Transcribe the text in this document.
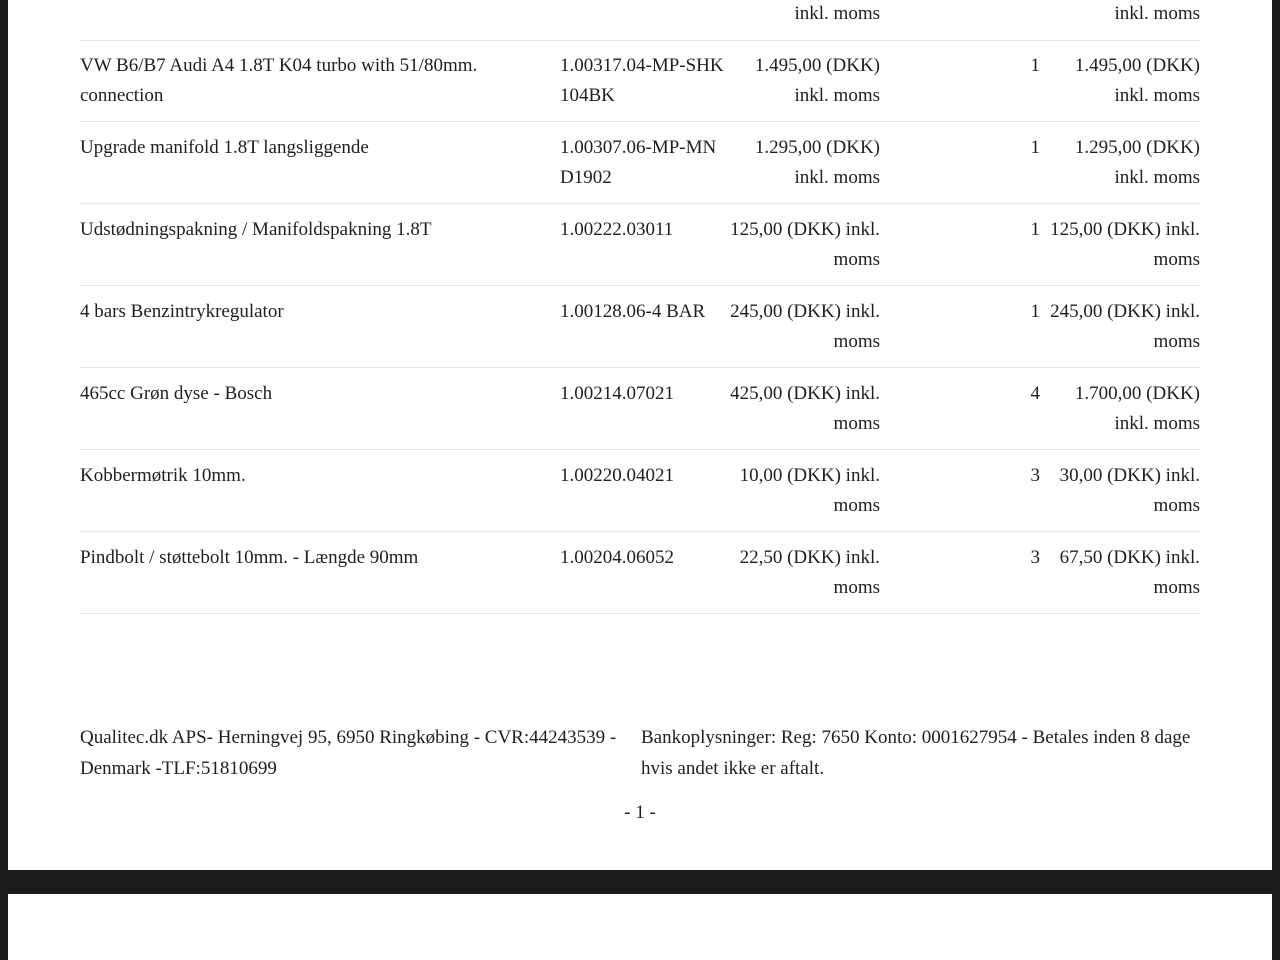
inkl. moms	inkl. moms
VW B6/B7 Audi A4 1.8T K04 turbo with 51/80mm. connection	1.00317.04-MP-SHK104BK	1.495,00 (DKK) inkl. moms	1	1.495,00 (DKK) inkl. moms
Upgrade manifold 1.8T langsliggende	1.00307.06-MP-MND1902	1.295,00 (DKK) inkl. moms	1	1.295,00 (DKK) inkl. moms
Udstødningspakning / Manifoldspakning 1.8T	1.00222.03011	125,00 (DKK) inkl. moms	1	125,00 (DKK) inkl. moms
4 bars Benzintrykregulator	1.00128.06-4 BAR	245,00 (DKK) inkl. moms	1	245,00 (DKK) inkl. moms
465cc Grøn dyse - Bosch	1.00214.07021	425,00 (DKK) inkl. moms	4	1.700,00 (DKK) inkl. moms
Kobbermøtrik 10mm.	1.00220.04021	10,00 (DKK) inkl. moms	3	30,00 (DKK) inkl. moms
Pindbolt / støttebolt 10mm. - Længde 90mm	1.00204.06052	22,50 (DKK) inkl. moms	3	67,50 (DKK) inkl. moms
Qualitec.dk APS- Herningvej 95, 6950 Ringkøbing - CVR:44243539 - Denmark -TLF:51810699
Bankoplysninger: Reg: 7650 Konto: 0001627954 - Betales inden 8 dage hvis andet ikke er aftalt.
- 1 -
